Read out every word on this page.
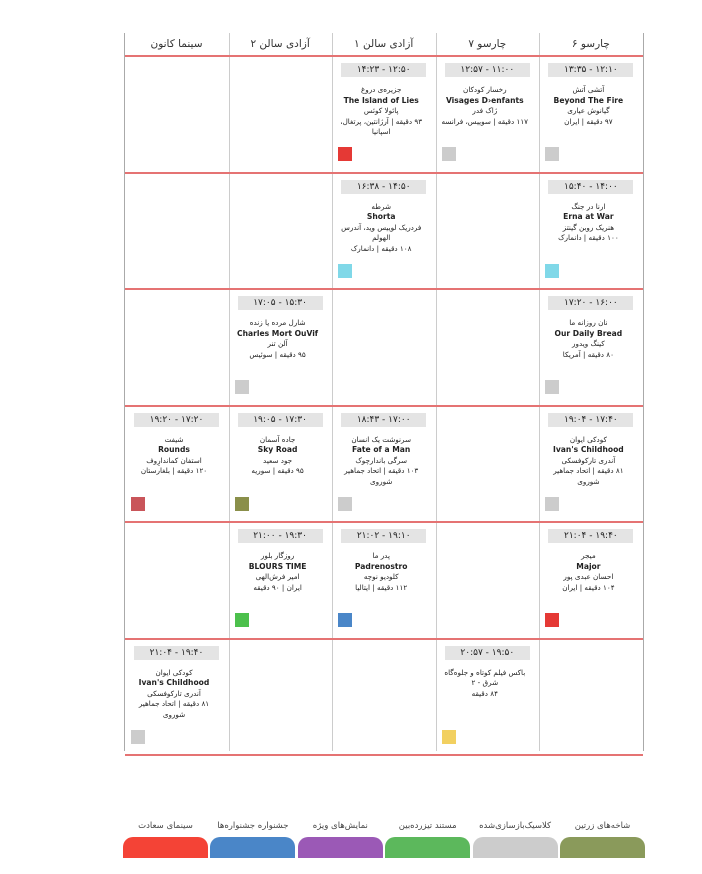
چارسو ۶
چارسو ۷
آزادی سالن ۱
آزادی سالن ۲
سینما کانون
۱۲:۱۰ - ۱۳:۳۵
آتشی آتش
Beyond The Fire
گیانوش عیاری
۹۷ دقیقه | ایران
۱۱:۰۰ - ۱۲:۵۷
رخسار کودکان
Visages D›enfants
ژاک فدر
۱۱۷ دقیقه | سوییس، فرانسه
۱۲:۵۰ - ۱۴:۲۳
جزیره‌ی دروغ
The Island of Lies
پائولا کوئس
۹۳ دقیقه | آرژانتین، پرتغال، اسپانیا
۱۴:۰۰ - ۱۵:۴۰
ارنا در جنگ
Erna at War
هنریک روبن گینتز
۱۰۰ دقیقه | دانمارک
۱۴:۵۰ - ۱۶:۳۸
شرطه
Shorta
فردریک لوییس وید، آندرس الهولم
۱۰۸ دقیقه | دانمارک
۱۶:۰۰ - ۱۷:۲۰
نان روزانه ما
Our Daily Bread
کینگ ویدور
۸۰ دقیقه | آمریکا
۱۵:۳۰ - ۱۷:۰۵
شارل مرده یا زنده
Charles Mort OuVif
آلن تنر
۹۵ دقیقه | سوئیس
۱۷:۴۰ - ۱۹:۰۴
کودکی ایوان
Ivan's Childhood
آندری تارکوفسکی
۸۱ دقیقه | اتحاد جماهیر شوروی
۱۷:۰۰ - ۱۸:۴۳
سرنوشت یک انسان
Fate of a Man
سرگی باندارچوک
۱۰۳ دقیقه | اتحاد جماهیر شوروی
۱۷:۳۰ - ۱۹:۰۵
جاده آسمان
Sky Road
جود سعید
۹۵ دقیقه | سوریه
۱۷:۲۰ - ۱۹:۲۰
شیفت
Rounds
استفان کماندارِوف
۱۲۰ دقیقه | بلغارستان
۱۹:۴۰ - ۲۱:۰۴
میجر
Major
احسان عبدی پور
۱۰۴ دقیقه | ایران
۱۹:۱۰ - ۲۱:۰۲
پدر ما
Padrenostro
کلودیو نوچه
۱۱۲ دقیقه | ایتالیا
۱۹:۳۰ - ۲۱:۰۰
روزگار بلور
BLOURS TIME
امیر فرش‌الهی
ایران | ۹۰ دقیقه
۱۹:۵۰ - ۲۰:۵۷
باکس فیلم کوتاه و جلوه‌گاه شرق - ۲
۸۴ دقیقه
۱۹:۴۰ - ۲۱:۰۴
کودکی ایوان
Ivan's Childhood
آندری تارکوفسکی
۸۱ دقیقه | اتحاد جماهیر شوروی
شاخه‌های زرتین
کلاسیک‌بازسازی‌شده
مستند تیز‌رده‌بین
نمایش‌های ویژه
جشنواره جشنواره‌ها
سینمای سعادت
